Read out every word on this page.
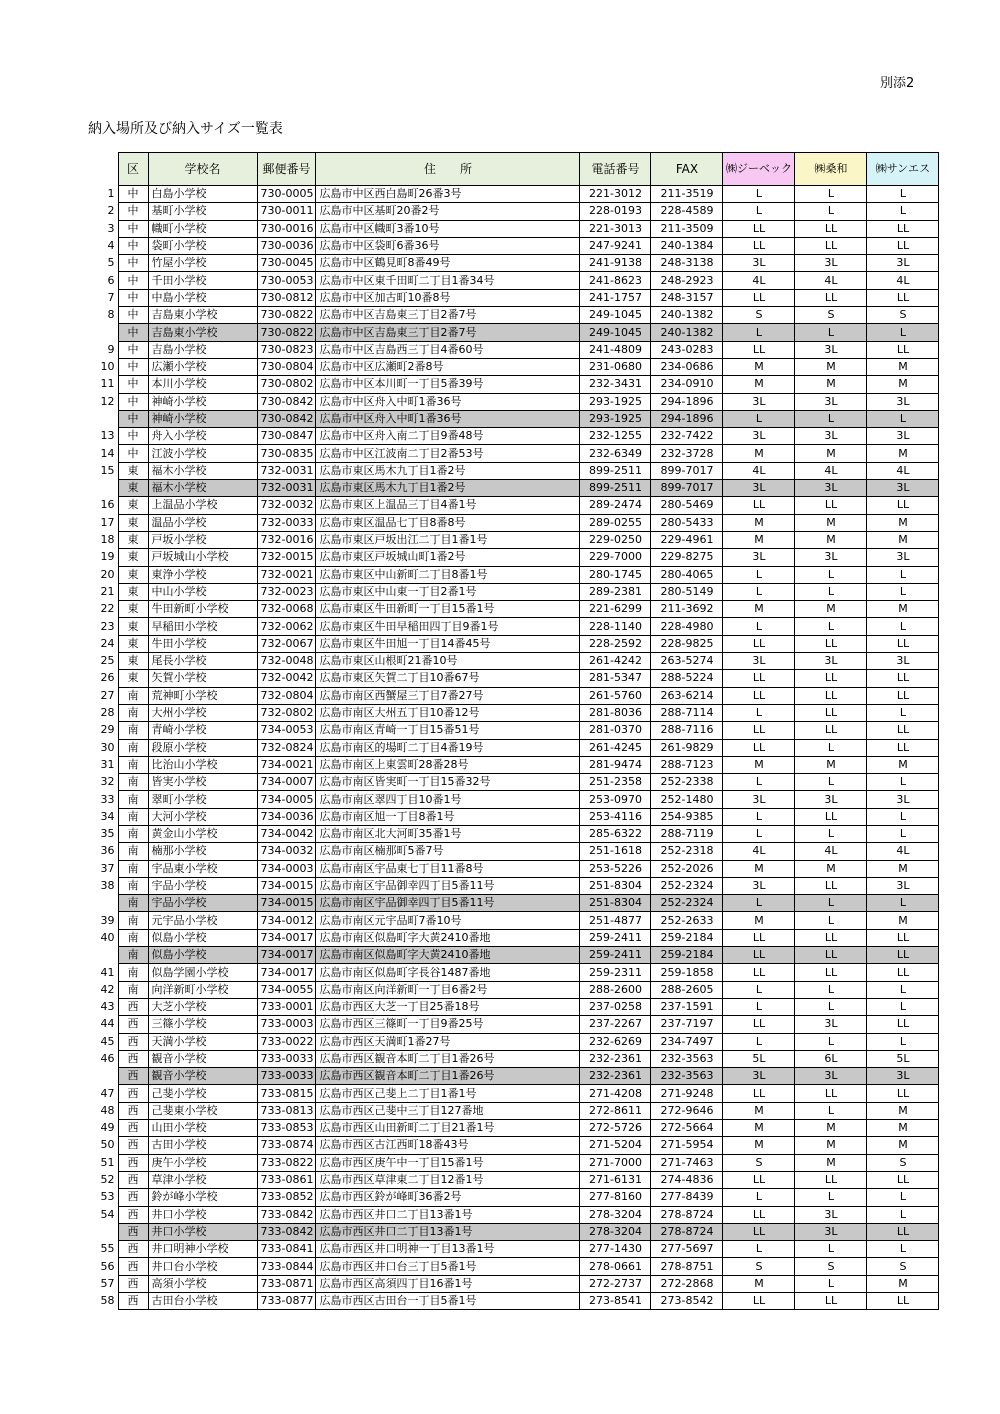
別添2
納入場所及び納入サイズ一覧表
	区	学校名	郵便番号	住　　所	電話番号	FAX	㈱ジーベック	㈱桑和	㈱サンエス
1	中	白島小学校	730-0005	広島市中区西白島町26番3号	221-3012	211-3519	L	L	L
2	中	基町小学校	730-0011	広島市中区基町20番2号	228-0193	228-4589	L	L	L
3	中	幟町小学校	730-0016	広島市中区幟町3番10号	221-3013	211-3509	LL	LL	LL
4	中	袋町小学校	730-0036	広島市中区袋町6番36号	247-9241	240-1384	LL	LL	LL
5	中	竹屋小学校	730-0045	広島市中区鶴見町8番49号	241-9138	248-3138	3L	3L	3L
6	中	千田小学校	730-0053	広島市中区東千田町二丁目1番34号	241-8623	248-2923	4L	4L	4L
7	中	中島小学校	730-0812	広島市中区加古町10番8号	241-1757	248-3157	LL	LL	LL
8	中	吉島東小学校	730-0822	広島市中区吉島東三丁目2番7号	249-1045	240-1382	S	S	S
	中	吉島東小学校	730-0822	広島市中区吉島東三丁目2番7号	249-1045	240-1382	L	L	L
9	中	吉島小学校	730-0823	広島市中区吉島西三丁目4番60号	241-4809	243-0283	LL	3L	LL
10	中	広瀬小学校	730-0804	広島市中区広瀬町2番8号	231-0680	234-0686	M	M	M
11	中	本川小学校	730-0802	広島市中区本川町一丁目5番39号	232-3431	234-0910	M	M	M
12	中	神崎小学校	730-0842	広島市中区舟入中町1番36号	293-1925	294-1896	3L	3L	3L
	中	神崎小学校	730-0842	広島市中区舟入中町1番36号	293-1925	294-1896	L	L	L
13	中	舟入小学校	730-0847	広島市中区舟入南二丁目9番48号	232-1255	232-7422	3L	3L	3L
14	中	江波小学校	730-0835	広島市中区江波南二丁目2番53号	232-6349	232-3728	M	M	M
15	東	福木小学校	732-0031	広島市東区馬木九丁目1番2号	899-2511	899-7017	4L	4L	4L
	東	福木小学校	732-0031	広島市東区馬木九丁目1番2号	899-2511	899-7017	3L	3L	3L
16	東	上温品小学校	732-0032	広島市東区上温品三丁目4番1号	289-2474	280-5469	LL	LL	LL
17	東	温品小学校	732-0033	広島市東区温品七丁目8番8号	289-0255	280-5433	M	M	M
18	東	戸坂小学校	732-0016	広島市東区戸坂出江二丁目1番1号	229-0250	229-4961	M	M	M
19	東	戸坂城山小学校	732-0015	広島市東区戸坂城山町1番2号	229-7000	229-8275	3L	3L	3L
20	東	東浄小学校	732-0021	広島市東区中山新町二丁目8番1号	280-1745	280-4065	L	L	L
21	東	中山小学校	732-0023	広島市東区中山東一丁目2番1号	289-2381	280-5149	L	L	L
22	東	牛田新町小学校	732-0068	広島市東区牛田新町一丁目15番1号	221-6299	211-3692	M	M	M
23	東	早稲田小学校	732-0062	広島市東区牛田早稲田四丁目9番1号	228-1140	228-4980	L	L	L
24	東	牛田小学校	732-0067	広島市東区牛田旭一丁目14番45号	228-2592	228-9825	LL	LL	LL
25	東	尾長小学校	732-0048	広島市東区山根町21番10号	261-4242	263-5274	3L	3L	3L
26	東	矢賀小学校	732-0042	広島市東区矢賀二丁目10番67号	281-5347	288-5224	LL	LL	LL
27	南	荒神町小学校	732-0804	広島市南区西蟹屋三丁目7番27号	261-5760	263-6214	LL	LL	LL
28	南	大州小学校	732-0802	広島市南区大州五丁目10番12号	281-8036	288-7114	L	LL	L
29	南	青崎小学校	734-0053	広島市南区青崎一丁目15番51号	281-0370	288-7116	LL	LL	LL
30	南	段原小学校	732-0824	広島市南区的場町二丁目4番19号	261-4245	261-9829	LL	L	LL
31	南	比治山小学校	734-0021	広島市南区上東雲町28番28号	281-9474	288-7123	M	M	M
32	南	皆実小学校	734-0007	広島市南区皆実町一丁目15番32号	251-2358	252-2338	L	L	L
33	南	翠町小学校	734-0005	広島市南区翠四丁目10番1号	253-0970	252-1480	3L	3L	3L
34	南	大河小学校	734-0036	広島市南区旭一丁目8番1号	253-4116	254-9385	L	LL	L
35	南	黄金山小学校	734-0042	広島市南区北大河町35番1号	285-6322	288-7119	L	L	L
36	南	楠那小学校	734-0032	広島市南区楠那町5番7号	251-1618	252-2318	4L	4L	4L
37	南	宇品東小学校	734-0003	広島市南区宇品東七丁目11番8号	253-5226	252-2026	M	M	M
38	南	宇品小学校	734-0015	広島市南区宇品御幸四丁目5番11号	251-8304	252-2324	3L	LL	3L
	南	宇品小学校	734-0015	広島市南区宇品御幸四丁目5番11号	251-8304	252-2324	L	L	L
39	南	元宇品小学校	734-0012	広島市南区元宇品町7番10号	251-4877	252-2633	M	L	M
40	南	似島小学校	734-0017	広島市南区似島町字大黄2410番地	259-2411	259-2184	LL	LL	LL
	南	似島小学校	734-0017	広島市南区似島町字大黄2410番地	259-2411	259-2184	LL	LL	LL
41	南	似島学園小学校	734-0017	広島市南区似島町字長谷1487番地	259-2311	259-1858	LL	LL	LL
42	南	向洋新町小学校	734-0055	広島市南区向洋新町一丁目6番2号	288-2600	288-2605	L	L	L
43	西	大芝小学校	733-0001	広島市西区大芝一丁目25番18号	237-0258	237-1591	L	L	L
44	西	三篠小学校	733-0003	広島市西区三篠町一丁目9番25号	237-2267	237-7197	LL	3L	LL
45	西	天満小学校	733-0022	広島市西区天満町1番27号	232-6269	234-7497	L	L	L
46	西	観音小学校	733-0033	広島市西区観音本町二丁目1番26号	232-2361	232-3563	5L	6L	5L
	西	観音小学校	733-0033	広島市西区観音本町二丁目1番26号	232-2361	232-3563	3L	3L	3L
47	西	己斐小学校	733-0815	広島市西区己斐上二丁目1番1号	271-4208	271-9248	LL	LL	LL
48	西	己斐東小学校	733-0813	広島市西区己斐中三丁目127番地	272-8611	272-9646	M	L	M
49	西	山田小学校	733-0853	広島市西区山田新町二丁目21番1号	272-5726	272-5664	M	M	M
50	西	古田小学校	733-0874	広島市西区古江西町18番43号	271-5204	271-5954	M	M	M
51	西	庚午小学校	733-0822	広島市西区庚午中一丁目15番1号	271-7000	271-7463	S	M	S
52	西	草津小学校	733-0861	広島市西区草津東二丁目12番1号	271-6131	274-4836	LL	LL	LL
53	西	鈴が峰小学校	733-0852	広島市西区鈴が峰町36番2号	277-8160	277-8439	L	L	L
54	西	井口小学校	733-0842	広島市西区井口二丁目13番1号	278-3204	278-8724	LL	3L	L
	西	井口小学校	733-0842	広島市西区井口二丁目13番1号	278-3204	278-8724	LL	3L	LL
55	西	井口明神小学校	733-0841	広島市西区井口明神一丁目13番1号	277-1430	277-5697	L	L	L
56	西	井口台小学校	733-0844	広島市西区井口台三丁目5番1号	278-0661	278-8751	S	S	S
57	西	高須小学校	733-0871	広島市西区高須四丁目16番1号	272-2737	272-2868	M	L	M
58	西	古田台小学校	733-0877	広島市西区古田台一丁目5番1号	273-8541	273-8542	LL	LL	LL
